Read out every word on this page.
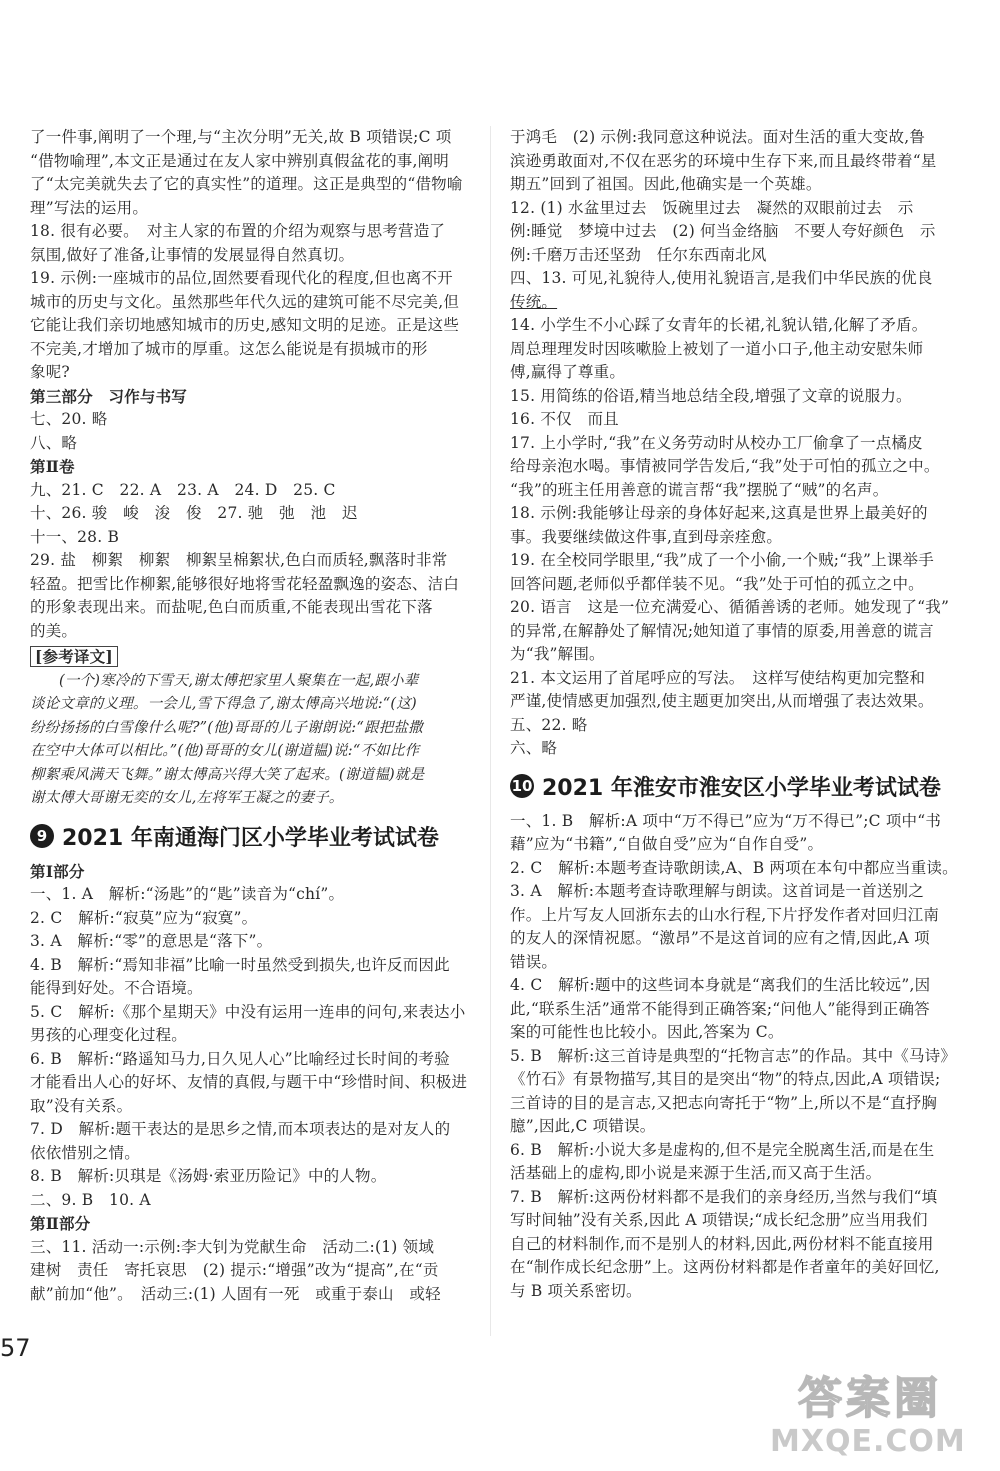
了一件事,阐明了一个理,与“主次分明”无关,故 B 项错误;C 项

“借物喻理”,本文正是通过在友人家中辨别真假盆花的事,阐明

了“太完美就失去了它的真实性”的道理。这正是典型的“借物喻

理”写法的运用。

18. 很有必要。　对主人家的布置的介绍为观察与思考营造了

氛围,做好了准备,让事情的发展显得自然真切。

19. 示例:一座城市的品位,固然要看现代化的程度,但也离不开

城市的历史与文化。虽然那些年代久远的建筑可能不尽完美,但

它能让我们亲切地感知城市的历史,感知文明的足迹。正是这些

不完美,才增加了城市的厚重。这怎么能说是有损城市的形

象呢?

第三部分　习作与书写

七、20. 略

八、略

第Ⅱ卷

九、21. C　22. A　23. A　24. D　25. C

十、26. 骏　峻　浚　俊　27. 驰　弛　池　迟

十一、28. B

29. 盐　柳絮　柳絮　柳絮呈棉絮状,色白而质轻,飘落时非常

轻盈。把雪比作柳絮,能够很好地将雪花轻盈飘逸的姿态、洁白

的形象表现出来。而盐呢,色白而质重,不能表现出雪花下落

的美。

[参考译文]

(一个)寒冷的下雪天,谢太傅把家里人聚集在一起,跟小辈

谈论文章的义理。一会儿,雪下得急了,谢太傅高兴地说:“(这)

纷纷扬扬的白雪像什么呢?”(他)哥哥的儿子谢朗说:“跟把盐撒

在空中大体可以相比。”(他)哥哥的女儿(谢道韫)说:“不如比作

柳絮乘风满天飞舞。”谢太傅高兴得大笑了起来。(谢道韫)就是

谢太傅大哥谢无奕的女儿,左将军王凝之的妻子。

9 2021 年南通海门区小学毕业考试试卷

第Ⅰ部分

一、1. A　解析:“汤匙”的“匙”读音为“chí”。

2. C　解析:“寂莫”应为“寂寞”。

3. A　解析:“零”的意思是“落下”。

4. B　解析:“焉知非福”比喻一时虽然受到损失,也许反而因此

能得到好处。不合语境。

5. C　解析:《那个星期天》中没有运用一连串的问句,来表达小

男孩的心理变化过程。

6. B　解析:“路遥知马力,日久见人心”比喻经过长时间的考验

才能看出人心的好坏、友情的真假,与题干中“珍惜时间、积极进

取”没有关系。

7. D　解析:题干表达的是思乡之情,而本项表达的是对友人的

依依惜别之情。

8. B　解析:贝琪是《汤姆·索亚历险记》中的人物。

二、9. B　10. A

第Ⅱ部分

三、11. 活动一:示例:李大钊为党献生命　活动二:(1) 领域

建树　责任　寄托哀思　(2) 提示:“增强”改为“提高”,在“贡

献”前加“他”。　活动三:(1) 人固有一死　或重于泰山　或轻

于鸿毛　(2) 示例:我同意这种说法。面对生活的重大变故,鲁

滨逊勇敢面对,不仅在恶劣的环境中生存下来,而且最终带着“星

期五”回到了祖国。因此,他确实是一个英雄。

12. (1) 水盆里过去　饭碗里过去　凝然的双眼前过去　示

例:睡觉　梦境中过去　(2) 何当金络脑　不要人夸好颜色　示

例:千磨万击还坚劲　任尔东西南北风

四、13. 可见,礼貌待人,使用礼貌语言,是我们中华民族的优良

传统。

14. 小学生不小心踩了女青年的长裙,礼貌认错,化解了矛盾。

周总理理发时因咳嗽脸上被划了一道小口子,他主动安慰朱师

傅,赢得了尊重。

15. 用简练的俗语,精当地总结全段,增强了文章的说服力。

16. 不仅　而且

17. 上小学时,“我”在义务劳动时从校办工厂偷拿了一点橘皮

给母亲泡水喝。事情被同学告发后,“我”处于可怕的孤立之中。

“我”的班主任用善意的谎言帮“我”摆脱了“贼”的名声。

18. 示例:我能够让母亲的身体好起来,这真是世界上最美好的

事。我要继续做这件事,直到母亲痊愈。

19. 在全校同学眼里,“我”成了一个小偷,一个贼;“我”上课举手

回答问题,老师似乎都佯装不见。“我”处于可怕的孤立之中。

20. 语言　这是一位充满爱心、循循善诱的老师。她发现了“我”

的异常,在解静处了解情况;她知道了事情的原委,用善意的谎言

为“我”解围。

21. 本文运用了首尾呼应的写法。　这样写使结构更加完整和

严谨,使情感更加强烈,使主题更加突出,从而增强了表达效果。

五、22. 略

六、略

10 2021 年淮安市淮安区小学毕业考试试卷

一、1. B　解析:A 项中“万不得已”应为“万不得已”;C 项中“书

藉”应为“书籍”,“自做自受”应为“自作自受”。

2. C　解析:本题考查诗歌朗读,A、B 两项在本句中都应当重读。

3. A　解析:本题考查诗歌理解与朗读。这首词是一首送别之

作。上片写友人回浙东去的山水行程,下片抒发作者对回归江南

的友人的深情祝愿。“激昂”不是这首词的应有之情,因此,A 项

错误。

4. C　解析:题中的这些词本身就是“离我们的生活比较远”,因

此,“联系生活”通常不能得到正确答案;“问他人”能得到正确答

案的可能性也比较小。因此,答案为 C。

5. B　解析:这三首诗是典型的“托物言志”的作品。其中《马诗》

《竹石》有景物描写,其目的是突出“物”的特点,因此,A 项错误;

三首诗的目的是言志,又把志向寄托于“物”上,所以不是“直抒胸

臆”,因此,C 项错误。

6. B　解析:小说大多是虚构的,但不是完全脱离生活,而是在生

活基础上的虚构,即小说是来源于生活,而又高于生活。

7. B　解析:这两份材料都不是我们的亲身经历,当然与我们“填

写时间轴”没有关系,因此 A 项错误;“成长纪念册”应当用我们

自己的材料制作,而不是别人的材料,因此,两份材料不能直接用

在“制作成长纪念册”上。这两份材料都是作者童年的美好回忆,

与 B 项关系密切。

57
答案圈
MXQE.COM
